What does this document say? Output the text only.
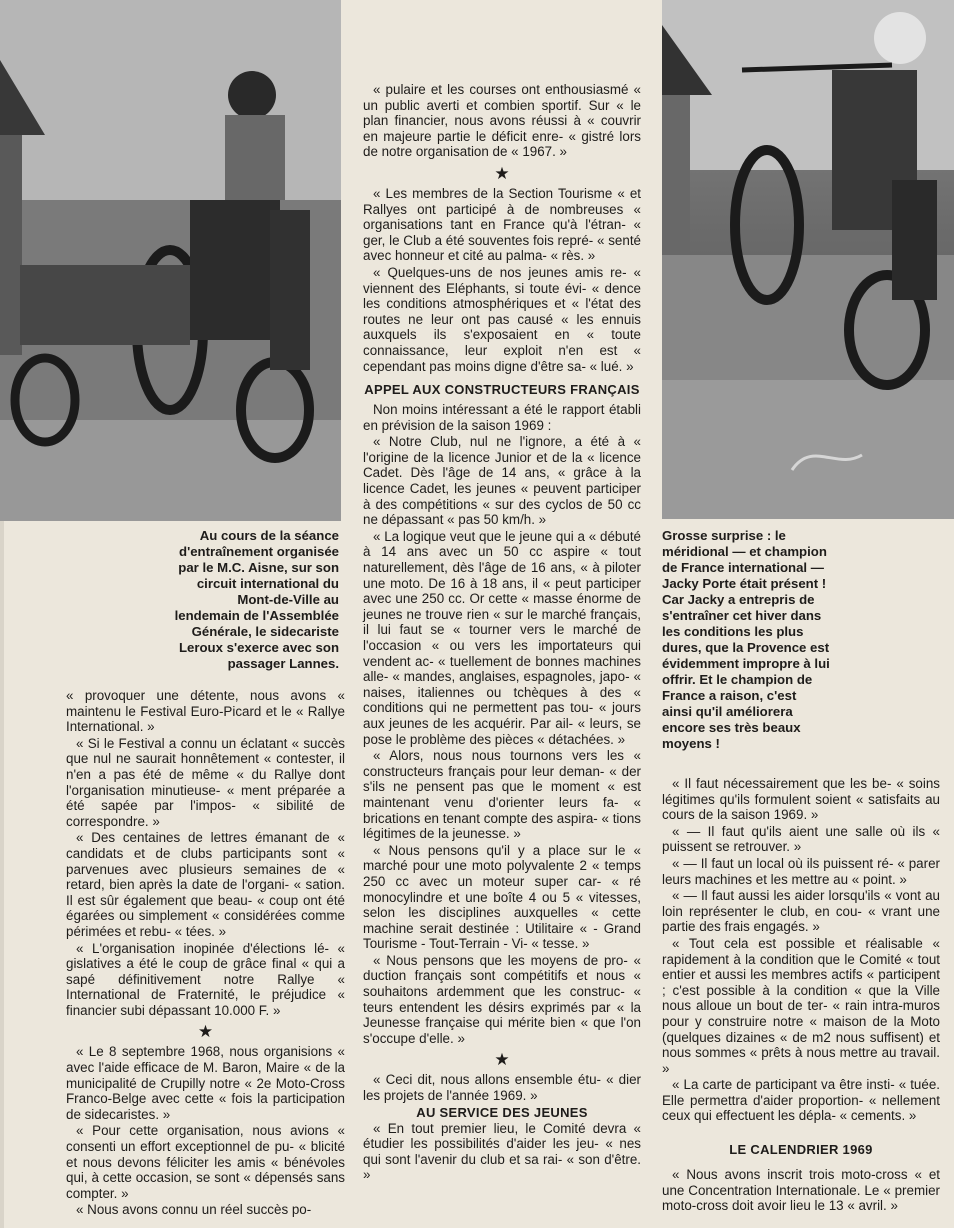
Au cours de la séance d'entraînement organisée par le M.C. Aisne, sur son circuit international du Mont-de-Ville au lendemain de l'Assemblée Générale, le sidecariste Leroux s'exerce avec son passager Lannes.

Grosse surprise : le méridional — et champion de France international — Jacky Porte était présent ! Car Jacky a entrepris de s'entraîner cet hiver dans les conditions les plus dures, que la Provence est évidemment impropre à lui offrir. Et le champion de France a raison, c'est ainsi qu'il améliorera encore ses très beaux moyens !

« pulaire et les courses ont enthousiasmé « un public averti et combien sportif. Sur « le plan financier, nous avons réussi à « couvrir en majeure partie le déficit enre- « gistré lors de notre organisation de « 1967. »

★

« Les membres de la Section Tourisme « et Rallyes ont participé à de nombreuses « organisations tant en France qu'à l'étran- « ger, le Club a été souventes fois repré- « senté avec honneur et cité au palma- « rès. »

« Quelques-uns de nos jeunes amis re- « viennent des Eléphants, si toute évi- « dence les conditions atmosphériques et « l'état des routes ne leur ont pas causé « les ennuis auxquels ils s'exposaient en « toute connaissance, leur exploit n'en est « cependant pas moins digne d'être sa- « lué. »

APPEL AUX CONSTRUCTEURS FRANÇAIS

Non moins intéressant a été le rapport établi en prévision de la saison 1969 :

« Notre Club, nul ne l'ignore, a été à « l'origine de la licence Junior et de la « licence Cadet. Dès l'âge de 14 ans, « grâce à la licence Cadet, les jeunes « peuvent participer à des compétitions « sur des cyclos de 50 cc ne dépassant « pas 50 km/h. »

« La logique veut que le jeune qui a « débuté à 14 ans avec un 50 cc aspire « tout naturellement, dès l'âge de 16 ans, « à piloter une moto. De 16 à 18 ans, il « peut participer avec une 250 cc. Or cette « masse énorme de jeunes ne trouve rien « sur le marché français, il lui faut se « tourner vers le marché de l'occasion « ou vers les importateurs qui vendent ac- « tuellement de bonnes machines alle- « mandes, anglaises, espagnoles, japo- « naises, italiennes ou tchèques à des « conditions qui ne permettent pas tou- « jours aux jeunes de les acquérir. Par ail- « leurs, se pose le problème des pièces « détachées. »

« Alors, nous nous tournons vers les « constructeurs français pour leur deman- « der s'ils ne pensent pas que le moment « est maintenant venu d'orienter leurs fa- « brications en tenant compte des aspira- « tions légitimes de la jeunesse. »

« Nous pensons qu'il y a place sur le « marché pour une moto polyvalente 2 « temps 250 cc avec un moteur super car- « ré monocylindre et une boîte 4 ou 5 « vitesses, selon les disciplines auxquelles « cette machine serait destinée : Utilitaire « - Grand Tourisme - Tout-Terrain - Vi- « tesse. »

« Nous pensons que les moyens de pro- « duction français sont compétitifs et nous « souhaitons ardemment que les construc- « teurs entendent les désirs exprimés par « la Jeunesse française qui mérite bien « que l'on s'occupe d'elle. »

★

« Ceci dit, nous allons ensemble étu- « dier les projets de l'année 1969. »

AU SERVICE DES JEUNES

« En tout premier lieu, le Comité devra « étudier les possibilités d'aider les jeu- « nes qui sont l'avenir du club et sa rai- « son d'être. »

« provoquer une détente, nous avons « maintenu le Festival Euro-Picard et le « Rallye International. »

« Si le Festival a connu un éclatant « succès que nul ne saurait honnêtement « contester, il n'en a pas été de même « du Rallye dont l'organisation minutieuse- « ment préparée a été sapée par l'impos- « sibilité de correspondre. »

« Des centaines de lettres émanant de « candidats et de clubs participants sont « parvenues avec plusieurs semaines de « retard, bien après la date de l'organi- « sation. Il est sûr également que beau- « coup ont été égarées ou simplement « considérées comme périmées et rebu- « tées. »

« L'organisation inopinée d'élections lé- « gislatives a été le coup de grâce final « qui a sapé définitivement notre Rallye « International de Fraternité, le préjudice « financier subi dépassant 10.000 F. »

★

« Le 8 septembre 1968, nous organisions « avec l'aide efficace de M. Baron, Maire « de la municipalité de Crupilly notre « 2e Moto-Cross Franco-Belge avec cette « fois la participation de sidecaristes. »

« Pour cette organisation, nous avions « consenti un effort exceptionnel de pu- « blicité et nous devons féliciter les amis « bénévoles qui, à cette occasion, se sont « dépensés sans compter. »

« Nous avons connu un réel succès po-

« Il faut nécessairement que les be- « soins légitimes qu'ils formulent soient « satisfaits au cours de la saison 1969. »

« — Il faut qu'ils aient une salle où ils « puissent se retrouver. »

« — Il faut un local où ils puissent ré- « parer leurs machines et les mettre au « point. »

« — Il faut aussi les aider lorsqu'ils « vont au loin représenter le club, en cou- « vrant une partie des frais engagés. »

« Tout cela est possible et réalisable « rapidement à la condition que le Comité « tout entier et aussi les membres actifs « participent ; c'est possible à la condition « que la Ville nous alloue un bout de ter- « rain intra-muros pour y construire notre « maison de la Moto (quelques dizaines « de m2 nous suffisent) et nous sommes « prêts à nous mettre au travail. »

« La carte de participant va être insti- « tuée. Elle permettra d'aider proportion- « nellement ceux qui effectuent les dépla- « cements. »

LE CALENDRIER 1969

« Nous avons inscrit trois moto-cross « et une Concentration Internationale. Le « premier moto-cross doit avoir lieu le 13 « avril. »
